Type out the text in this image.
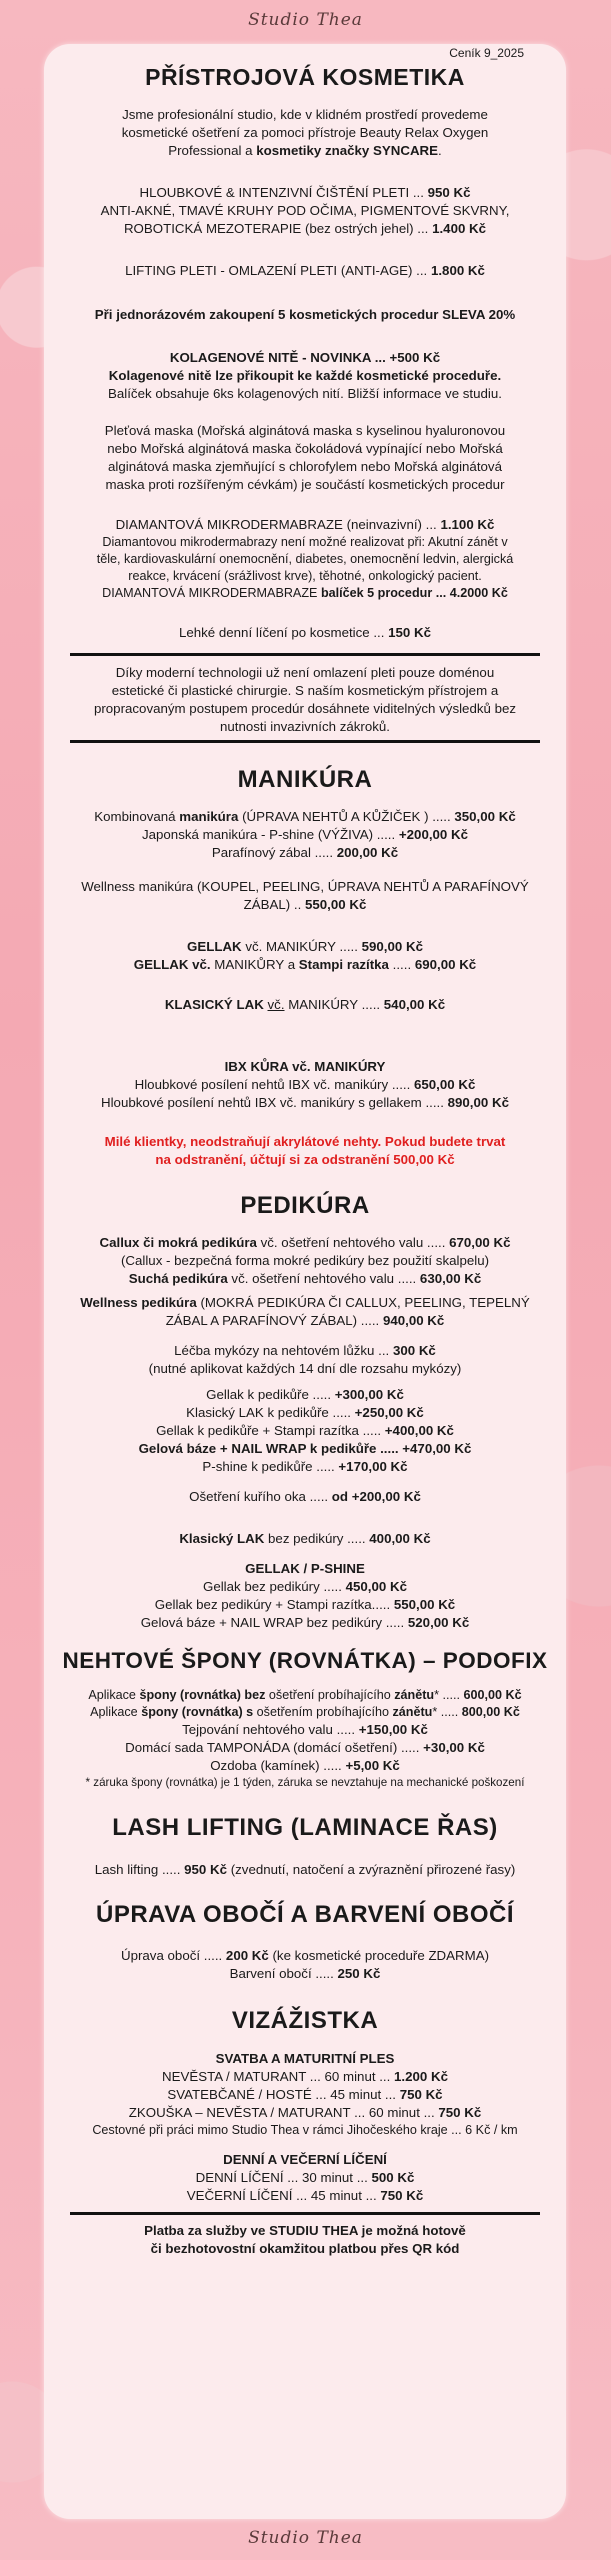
Studio Thea
Ceník 9_2025
PŘÍSTROJOVÁ KOSMETIKA

Jsme profesionální studio, kde v klidném prostředí provedeme

kosmetické ošetření za pomoci přístroje Beauty Relax Oxygen

Professional a kosmetiky značky SYNCARE.

HLOUBKOVÉ & INTENZIVNÍ ČIŠTĚNÍ PLETI ... 950 Kč

ANTI-AKNÉ, TMAVÉ KRUHY POD OČIMA, PIGMENTOVÉ SKVRNY,

ROBOTICKÁ MEZOTERAPIE (bez ostrých jehel) ... 1.400 Kč

LIFTING PLETI - OMLAZENÍ PLETI (ANTI-AGE) ... 1.800 Kč

Při jednorázovém zakoupení 5 kosmetických procedur SLEVA 20%

KOLAGENOVÉ NITĚ - NOVINKA ... +500 Kč

Kolagenové nitě lze přikoupit ke každé kosmetické proceduře.

Balíček obsahuje 6ks kolagenových nití. Bližší informace ve studiu.

Pleťová maska (Mořská alginátová maska s kyselinou hyaluronovou

nebo Mořská alginátová maska čokoládová vypínající nebo Mořská

alginátová maska zjemňující s chlorofylem nebo Mořská alginátová

maska proti rozšířeným cévkám) je součástí kosmetických procedur

DIAMANTOVÁ MIKRODERMABRAZE (neinvazivní) ... 1.100 Kč

Diamantovou mikrodermabrazy není možné realizovat při: Akutní zánět v

těle, kardiovaskulární onemocnění, diabetes, onemocnění ledvin, alergická

reakce, krvácení (srážlivost krve), těhotné, onkologický pacient.

DIAMANTOVÁ MIKRODERMABRAZE balíček 5 procedur ... 4.2000 Kč

Lehké denní líčení po kosmetice ... 150 Kč

Díky moderní technologii už není omlazení pleti pouze doménou

estetické či plastické chirurgie. S naším kosmetickým přístrojem a

propracovaným postupem procedúr dosáhnete viditelných výsledků bez

nutnosti invazivních zákroků.

MANIKÚRA

Kombinovaná manikúra (ÚPRAVA NEHTŮ A KŮŽIČEK ) ..... 350,00 Kč

Japonská manikúra - P-shine (VÝŽIVA) ..... +200,00 Kč

Parafínový zábal ..... 200,00 Kč

Wellness manikúra (KOUPEL, PEELING, ÚPRAVA NEHTŮ A PARAFÍNOVÝ

ZÁBAL) .. 550,00 Kč

GELLAK vč. MANIKÚRY ..... 590,00 Kč

GELLAK vč. MANIKŮRY a Stampi razítka ..... 690,00 Kč

KLASICKÝ LAK vč. MANIKÚRY ..... 540,00 Kč

IBX KŮRA vč. MANIKÚRY

Hloubkové posílení nehtů IBX vč. manikúry ..... 650,00 Kč

Hloubkové posílení nehtů IBX vč. manikúry s gellakem ..... 890,00 Kč

Milé klientky, neodstraňují akrylátové nehty. Pokud budete trvat

na odstranění, účtují si za odstranění 500,00 Kč

PEDIKÚRA

Callux či mokrá pedikúra vč. ošetření nehtového valu ..... 670,00 Kč

(Callux - bezpečná forma mokré pedikúry bez použití skalpelu)

Suchá pedikúra vč. ošetření nehtového valu ..... 630,00 Kč

Wellness pedikúra (MOKRÁ PEDIKÚRA ČI CALLUX, PEELING, TEPELNÝ

ZÁBAL A PARAFÍNOVÝ ZÁBAL) ..... 940,00 Kč

Léčba mykózy na nehtovém lůžku ... 300 Kč

(nutné aplikovat každých 14 dní dle rozsahu mykózy)

Gellak k pedikůře ..... +300,00 Kč

Klasický LAK k pedikůře ..... +250,00 Kč

Gellak k pedikůře + Stampi razítka ..... +400,00 Kč

Gelová báze + NAIL WRAP k pedikůře ..... +470,00 Kč

P-shine k pedikůře ..... +170,00 Kč

Ošetření kuřího oka ..... od +200,00 Kč

Klasický LAK bez pedikúry ..... 400,00 Kč

GELLAK / P-SHINE

Gellak bez pedikúry ..... 450,00 Kč

Gellak bez pedikúry + Stampi razítka..... 550,00 Kč

Gelová báze + NAIL WRAP bez pedikúry ..... 520,00 Kč

NEHTOVÉ ŠPONY (ROVNÁTKA) – PODOFIX

Aplikace špony (rovnátka) bez ošetření probíhajícího zánětu* ..... 600,00 Kč

Aplikace špony (rovnátka) s ošetřením probíhajícího zánětu* ..... 800,00 Kč

Tejpování nehtového valu ..... +150,00 Kč

Domácí sada TAMPONÁDA (domácí ošetření) ..... +30,00 Kč

Ozdoba (kamínek) ..... +5,00 Kč

* záruka špony (rovnátka) je 1 týden, záruka se nevztahuje na mechanické poškození

LASH LIFTING (LAMINACE ŘAS)

Lash lifting ..... 950 Kč (zvednutí, natočení a zvýraznění přirozené řasy)

ÚPRAVA OBOČÍ A BARVENÍ OBOČÍ

Úprava obočí ..... 200 Kč (ke kosmetické proceduře ZDARMA)

Barvení obočí ..... 250 Kč

VIZÁŽISTKA

SVATBA A MATURITNÍ PLES

NEVĚSTA / MATURANT ... 60 minut ... 1.200 Kč

SVATEBČANÉ / HOSTÉ ... 45 minut ... 750 Kč

ZKOUŠKA – NEVĚSTA / MATURANT ... 60 minut ... 750 Kč

Cestovné při práci mimo Studio Thea v rámci Jihočeského kraje ... 6 Kč / km

DENNÍ A VEČERNÍ LÍČENÍ

DENNÍ LÍČENÍ ... 30 minut ... 500 Kč

VEČERNÍ LÍČENÍ ... 45 minut ... 750 Kč

Platba za služby ve STUDIU THEA je možná hotově

či bezhotovostní okamžitou platbou přes QR kód

Studio Thea
